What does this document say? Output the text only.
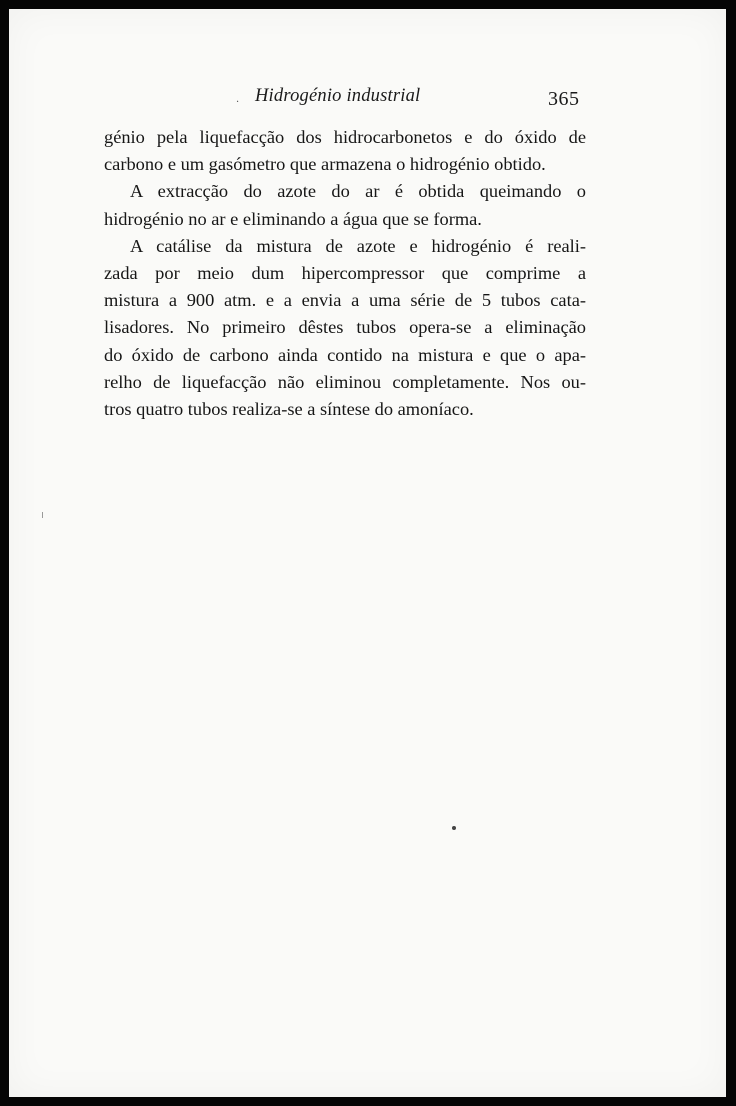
· Hidrogénio industrial	365
génio pela liquefacção dos hidrocarbonetos e do óxido de
carbono e um gasómetro que armazena o hidrogénio obtido.
A extracção do azote do ar é obtida queimando o
hidrogénio no ar e eliminando a água que se forma.
A catálise da mistura de azote e hidrogénio é reali-
zada por meio dum hipercompressor que comprime a
mistura a 900 atm. e a envia a uma série de 5 tubos cata-
lisadores. No primeiro dêstes tubos opera-se a eliminação
do óxido de carbono ainda contido na mistura e que o apa-
relho de liquefacção não eliminou completamente. Nos ou-
tros quatro tubos realiza-se a síntese do amoníaco.
